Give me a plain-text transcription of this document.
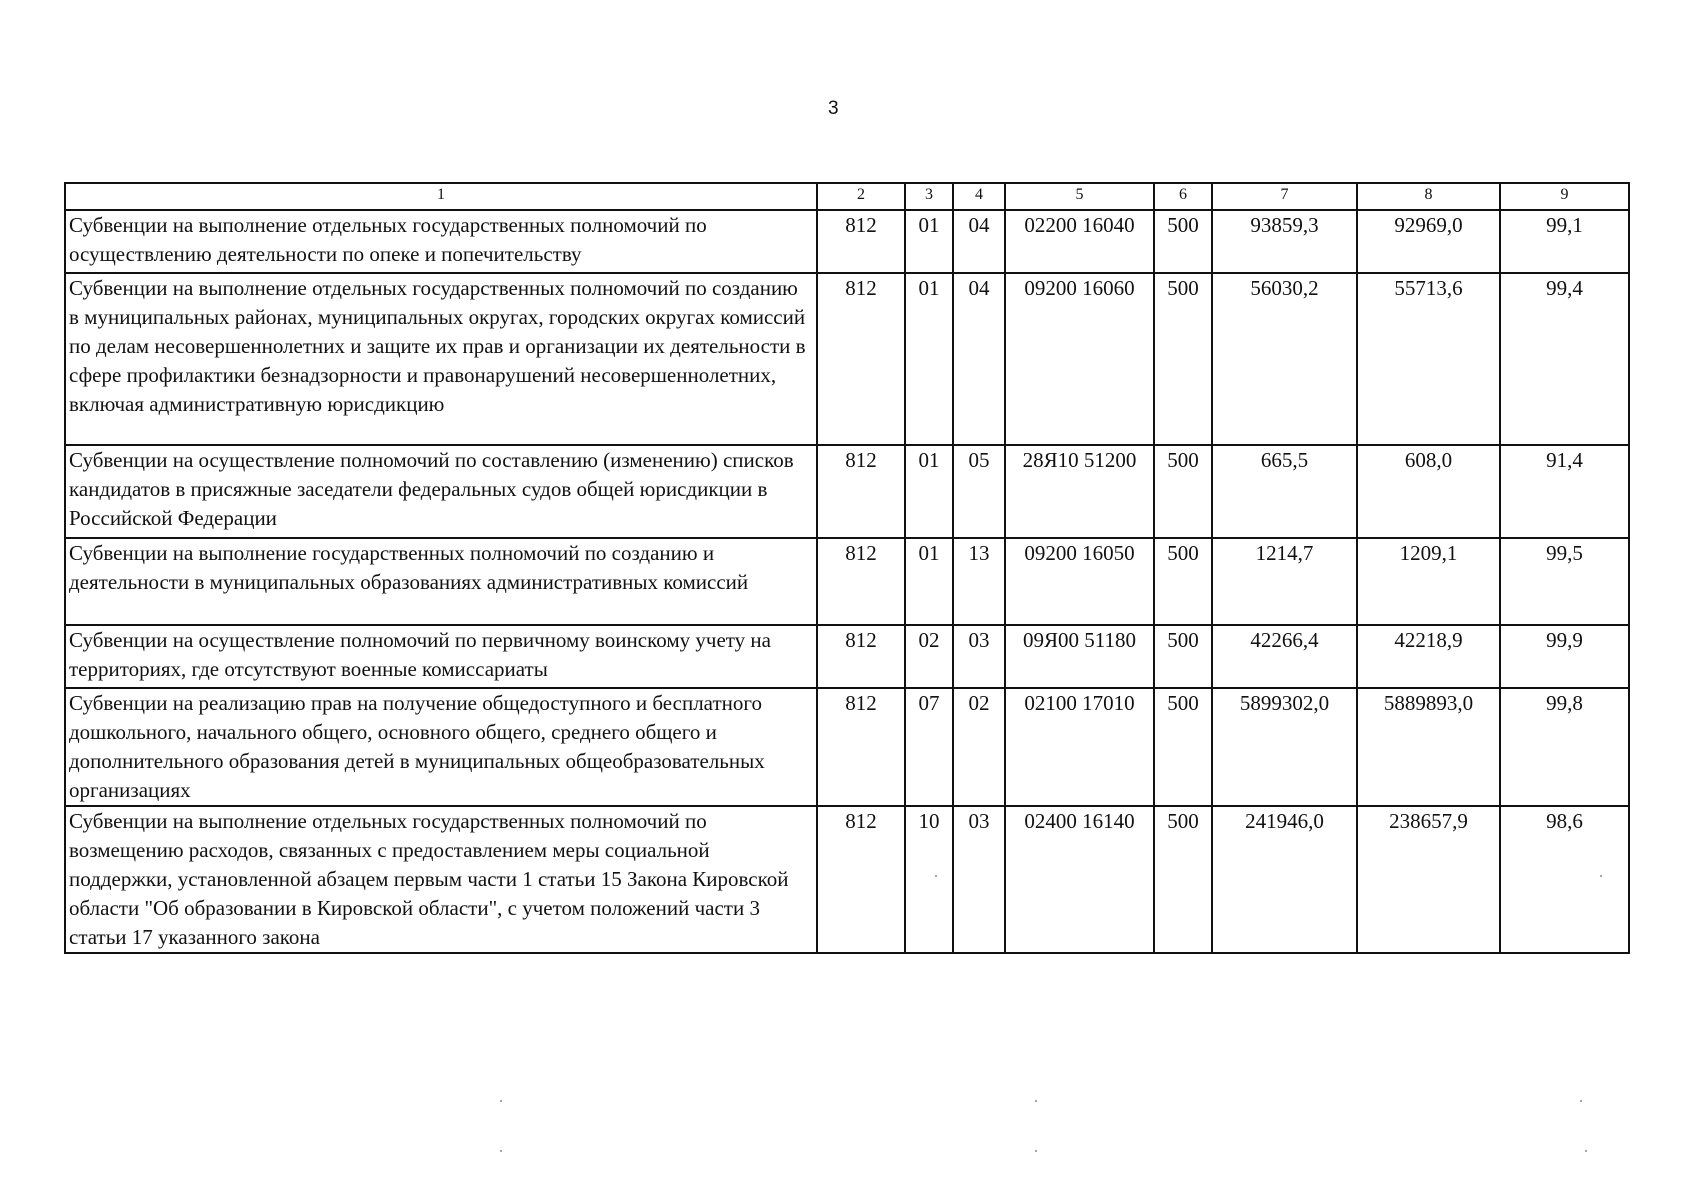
3
1	2	3	4	5	6	7	8	9
Субвенции на выполнение отдельных государственных полномочий по осуществлению деятельности по опеке и попечительству	812	01	04	02200 16040	500	93859,3	92969,0	99,1
Субвенции на выполнение отдельных государственных полномочий по созданию в муниципальных районах, муниципальных округах, городских округах комиссий по делам несовершеннолетних и защите их прав и организации их деятельности в сфере профилактики безнадзорности и правонарушений несовершеннолетних, включая административную юрисдикцию	812	01	04	09200 16060	500	56030,2	55713,6	99,4
Субвенции на осуществление полномочий по составлению (изменению) списков кандидатов в присяжные заседатели федеральных судов общей юрисдикции в Российской Федерации	812	01	05	28Я10 51200	500	665,5	608,0	91,4
Субвенции на выполнение государственных полномочий по созданию и деятельности в муниципальных образованиях административных комиссий	812	01	13	09200 16050	500	1214,7	1209,1	99,5
Субвенции на осуществление полномочий по первичному воинскому учету на территориях, где отсутствуют военные комиссариаты	812	02	03	09Я00 51180	500	42266,4	42218,9	99,9
Субвенции на реализацию прав на получение общедоступного и бесплатного дошкольного, начального общего, основного общего, среднего общего и дополнительного образования детей в муниципальных общеобразовательных организациях	812	07	02	02100 17010	500	5899302,0	5889893,0	99,8
Субвенции на выполнение отдельных государственных полномочий по возмещению расходов, связанных с предоставлением меры социальной поддержки, установленной абзацем первым части 1 статьи 15 Закона Кировской области "Об образовании в Кировской области", с учетом положений части 3 статьи 17 указанного закона	812	10	03	02400 16140	500	241946,0	238657,9	98,6
